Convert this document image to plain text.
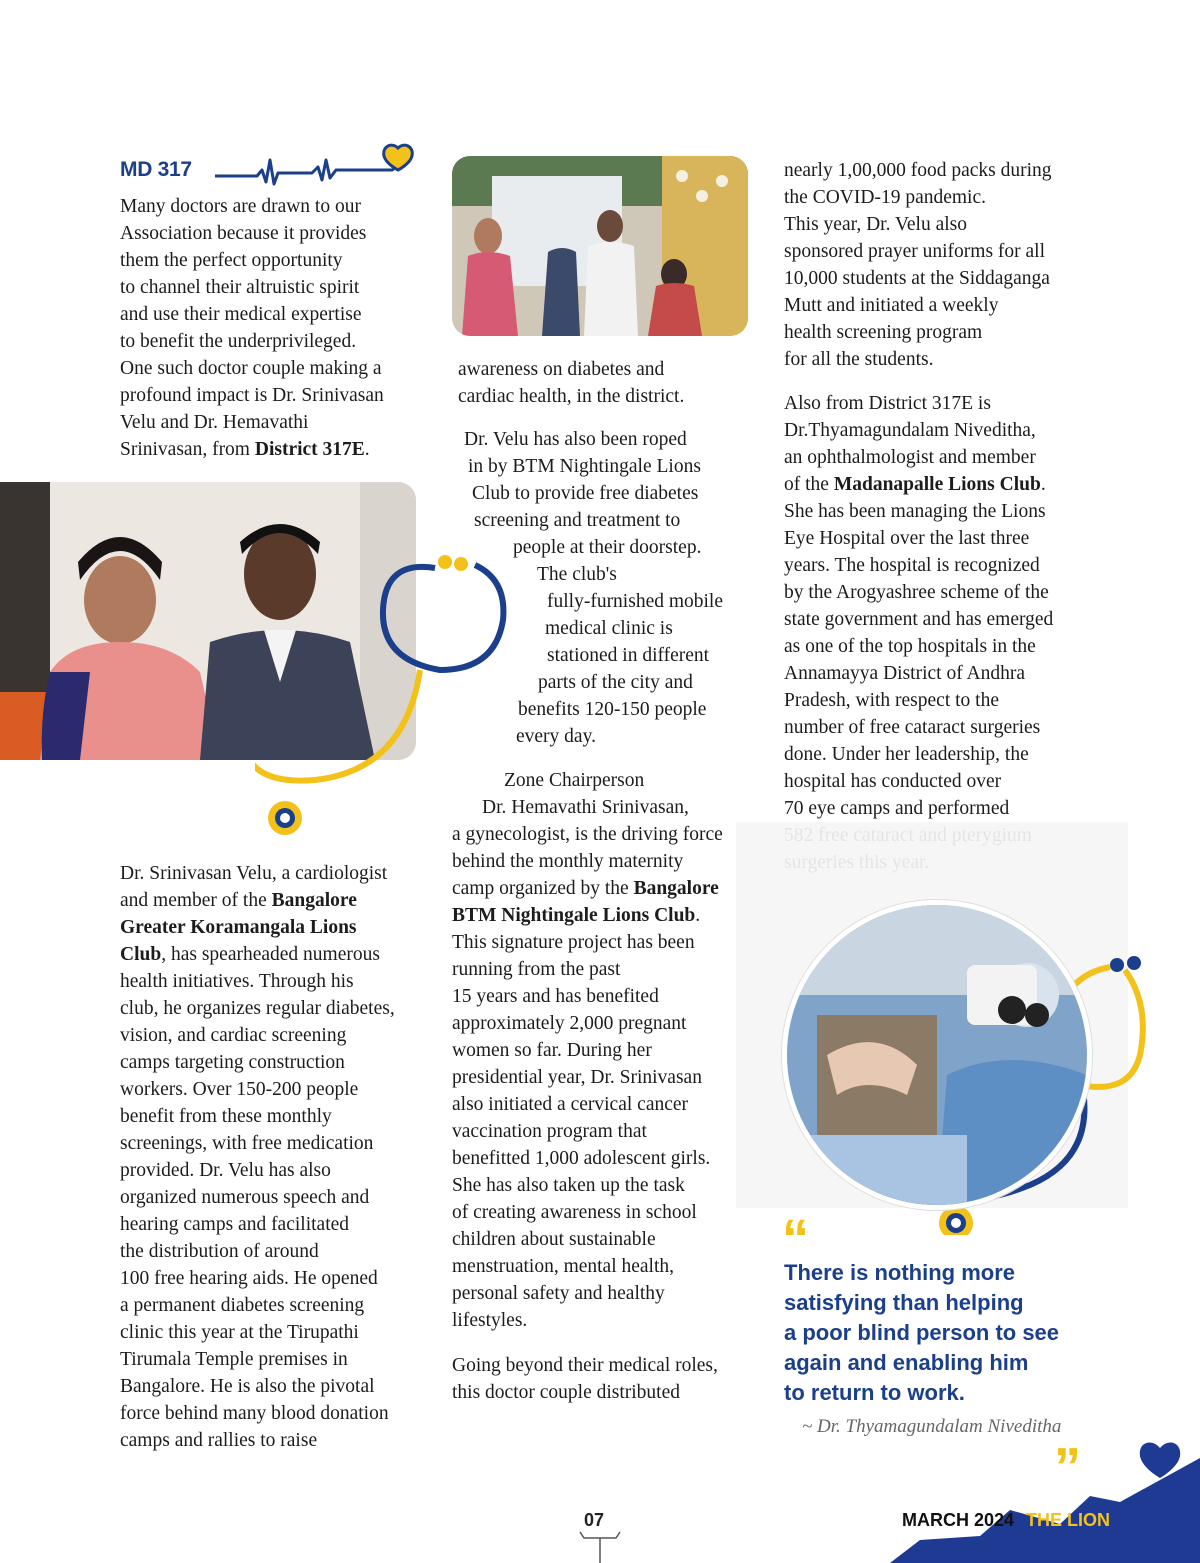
MD 317
Many doctors are drawn to our
Association because it provides
them the perfect opportunity
to channel their altruistic spirit
and use their medical expertise
to benefit the underprivileged.
One such doctor couple making a
profound impact is Dr. Srinivasan
Velu and Dr. Hemavathi
Srinivasan, from District 317E.
Dr. Srinivasan Velu, a cardiologist
and member of the Bangalore
Greater Koramangala Lions
Club, has spearheaded numerous
health initiatives. Through his
club, he organizes regular diabetes,
vision, and cardiac screening
camps targeting construction
workers. Over 150-200 people
benefit from these monthly
screenings, with free medication
provided. Dr. Velu has also
organized numerous speech and
hearing camps and facilitated
the distribution of around
100 free hearing aids. He opened
a permanent diabetes screening
clinic this year at the Tirupathi
Tirumala Temple premises in
Bangalore. He is also the pivotal
force behind many blood donation
camps and rallies to raise
awareness on diabetes and
cardiac health, in the district.
Dr. Velu has also been roped
in by BTM Nightingale Lions
Club to provide free diabetes
screening and treatment to
people at their doorstep.
The club's
fully-furnished mobile
medical clinic is
stationed in different
parts of the city and
benefits 120-150 people
every day.
Zone Chairperson
Dr. Hemavathi Srinivasan,
a gynecologist, is the driving force
behind the monthly maternity
camp organized by the Bangalore
BTM Nightingale Lions Club.
This signature project has been
running from the past
15 years and has benefited
approximately 2,000 pregnant
women so far. During her
presidential year, Dr. Srinivasan
also initiated a cervical cancer
vaccination program that
benefitted 1,000 adolescent girls.
She has also taken up the task
of creating awareness in school
children about sustainable
menstruation, mental health,
personal safety and healthy
lifestyles.
Going beyond their medical roles,
this doctor couple distributed
nearly 1,00,000 food packs during
the COVID-19 pandemic.
This year, Dr. Velu also
sponsored prayer uniforms for all
10,000 students at the Siddaganga
Mutt and initiated a weekly
health screening program
for all the students.
Also from District 317E is
Dr.Thyamagundalam Niveditha,
an ophthalmologist and member
of the Madanapalle Lions Club.
She has been managing the Lions
Eye Hospital over the last three
years. The hospital is recognized
by the Arogyashree scheme of the
state government and has emerged
as one of the top hospitals in the
Annamayya District of Andhra
Pradesh, with respect to the
number of free cataract surgeries
done. Under her leadership, the
hospital has conducted over
70 eye camps and performed
“
There is nothing more
satisfying than helping
a poor blind person to see
again and enabling him
to return to work.
~ Dr. Thyamagundalam Niveditha
”
07	MARCH 2024 THE LION
